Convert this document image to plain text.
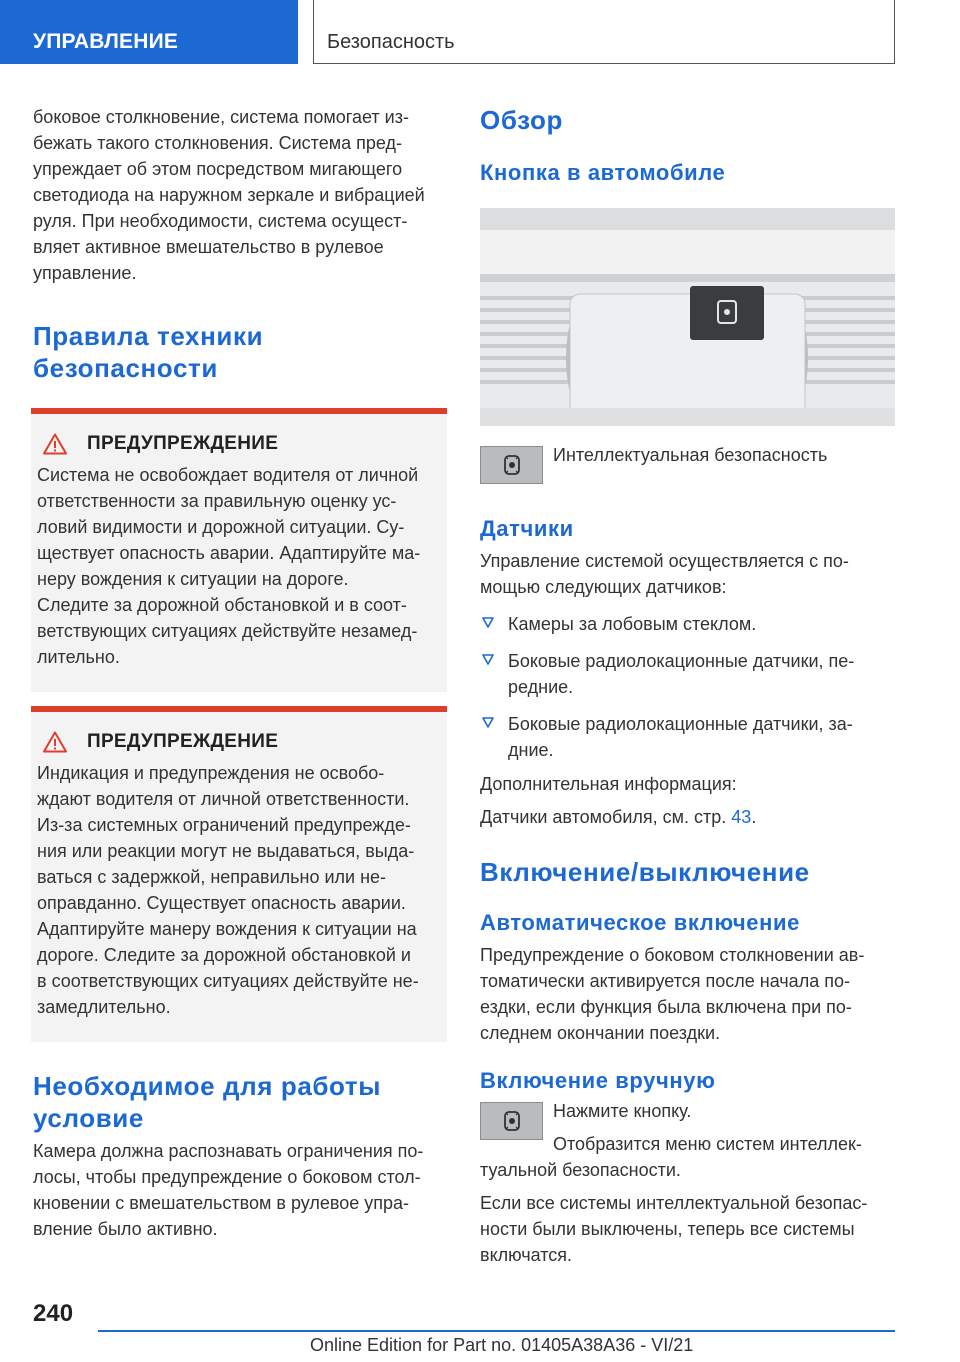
УПРАВЛЕНИЕ	Безопасность

боковое столкновение, система помогает из-
бежать такого столкновения. Система пред-
упреждает об этом посредством мигающего
светодиода на наружном зеркале и вибрацией
руля. При необходимости, система осущест-
вляет активное вмешательство в рулевое
управление.

Правила техники безопасности
ПРЕДУПРЕЖДЕНИЕ

Система не освобождает водителя от личной
ответственности за правильную оценку ус-
ловий видимости и дорожной ситуации. Су-
ществует опасность аварии. Адаптируйте ма-
неру вождения к ситуации на дороге.
Следите за дорожной обстановкой и в соот-
ветствующих ситуациях действуйте незамед-
лительно.

ПРЕДУПРЕЖДЕНИЕ

Индикация и предупреждения не освобо-
ждают водителя от личной ответственности.
Из-за системных ограничений предупрежде-
ния или реакции могут не выдаваться, выда-
ваться с задержкой, неправильно или не-
оправданно. Существует опасность аварии.
Адаптируйте манеру вождения к ситуации на
дороге. Следите за дорожной обстановкой и
в соответствующих ситуациях действуйте не-
замедлительно.

Необходимое для работы
условие

Камера должна распознавать ограничения по-
лосы, чтобы предупреждение о боковом стол-
кновении с вмешательством в рулевое упра-
вление было активно.

Обзор
Кнопка в автомобиле

Интеллектуальная безопасность

Датчики

Управление системой осуществляется с по-
мощью следующих датчиков:

Камеры за лобовым стеклом.
Боковые радиолокационные датчики, пе-
редние.
Боковые радиолокационные датчики, за-
дние.

Дополнительная информация:

Датчики автомобиля, см. стр. 43.

Включение/выключение
Автоматическое включение

Предупреждение о боковом столкновении ав-
томатически активируется после начала по-
ездки, если функция была включена при по-
следнем окончании поездки.

Включение вручную

Нажмите кнопку.

Отобразится меню систем интеллек-

туальной безопасности.

Если все системы интеллектуальной безопас-
ности были выключены, теперь все системы
включатся.

240
Online Edition for Part no. 01405A38A36 - VI/21
